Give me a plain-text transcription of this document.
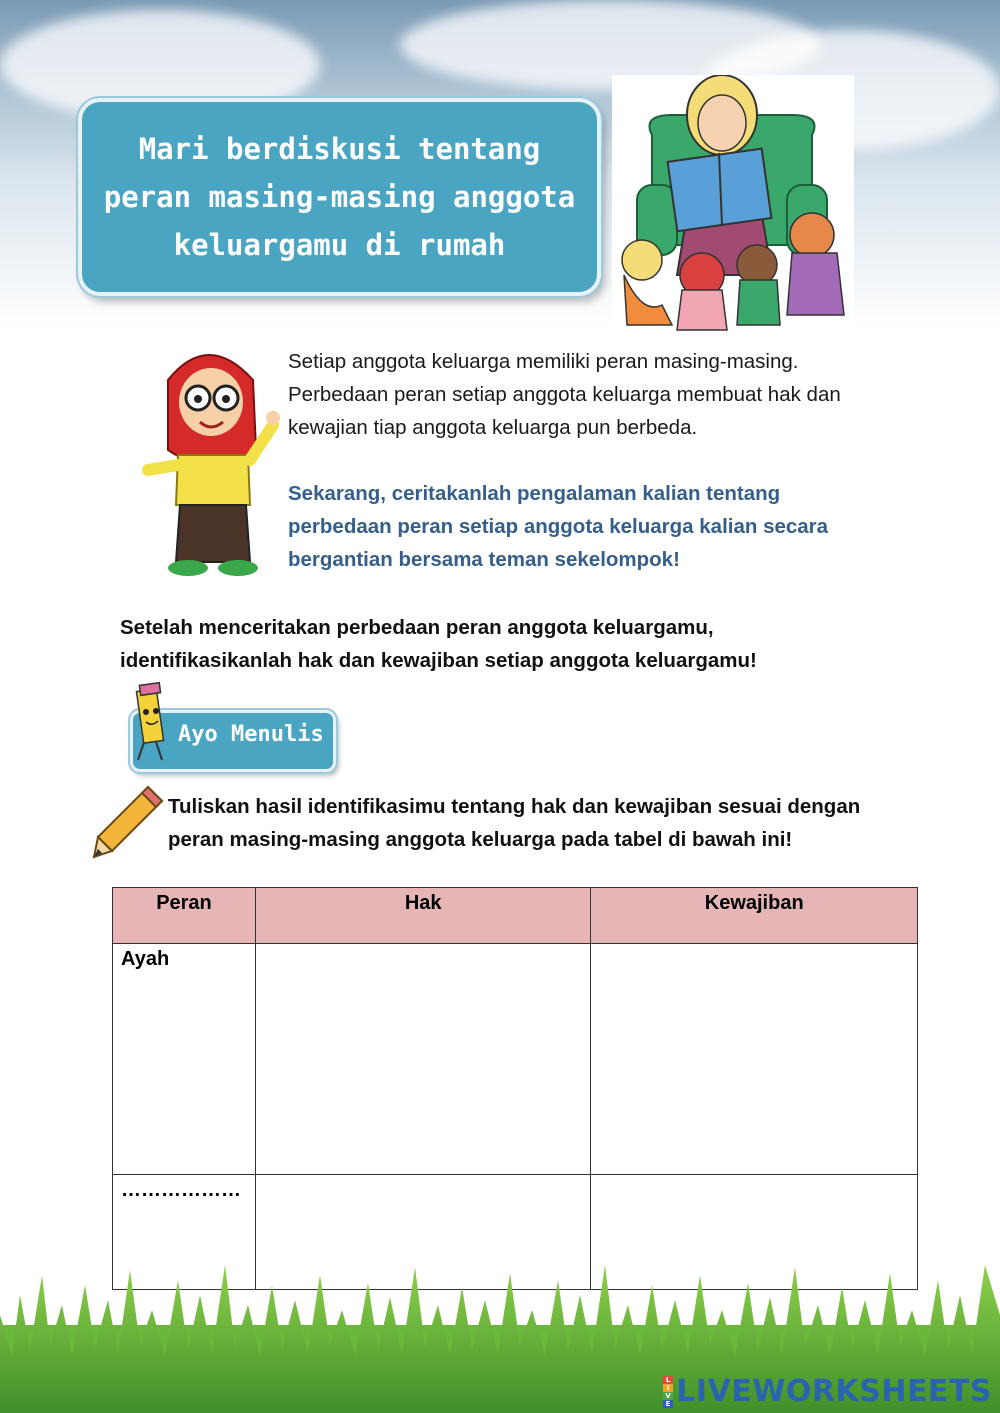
Mari berdiskusi tentang peran masing-masing anggota keluargamu di rumah
Setiap anggota keluarga memiliki peran masing-masing. Perbedaan peran setiap anggota keluarga membuat hak dan kewajian tiap anggota keluarga pun berbeda.
Sekarang, ceritakanlah pengalaman kalian tentang perbedaan peran setiap anggota keluarga kalian secara bergantian bersama teman sekelompok!
Setelah menceritakan perbedaan peran anggota keluargamu, identifikasikanlah hak dan kewajiban setiap anggota keluargamu!
Ayo Menulis
Tuliskan hasil identifikasimu tentang hak dan kewajiban sesuai dengan peran masing-masing anggota keluarga pada tabel di bawah ini!
Peran	Hak	Kewajiban
Ayah		
………………		
L
I
V
E LIVEWORKSHEETS
